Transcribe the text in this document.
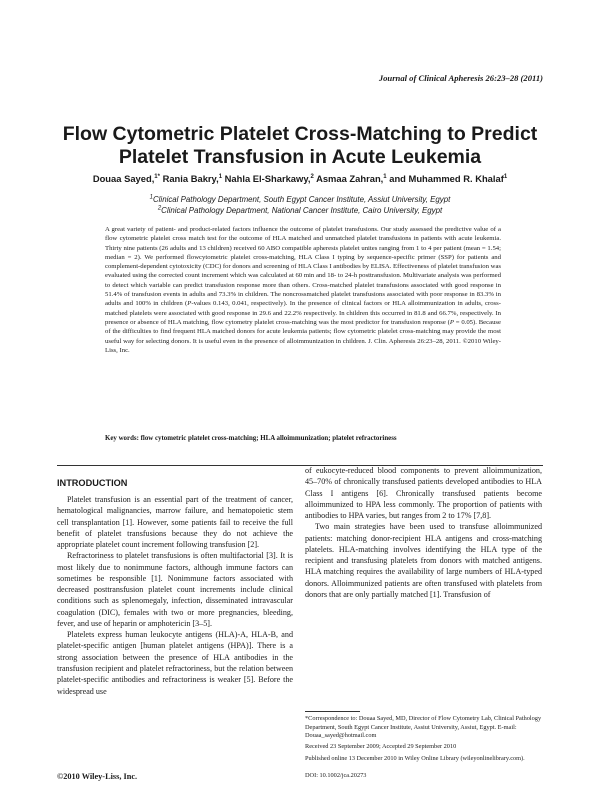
Journal of Clinical Apheresis 26:23–28 (2011)
Flow Cytometric Platelet Cross-Matching to Predict
Platelet Transfusion in Acute Leukemia
Douaa Sayed,$^{1*}$ Rania Bakry,$^1$ Nahla El-Sharkawy,$^2$ Asmaa Zahran,$^1$ and Muhammed R. Khalaf$^1$
$^1$Clinical Pathology Department, South Egypt Cancer Institute, Assiut University, Egypt
$^2$Clinical Pathology Department, National Cancer Institute, Cairo University, Egypt

A great variety of patient- and product-related factors influence the outcome of platelet transfusions. Our study assessed the predictive value of a flow cytometric platelet cross match test for the outcome of HLA matched and unmatched platelet transfusions in patients with acute leukemia. Thirty nine patients (26 adults and 13 children) received 60 ABO compatible apheresis platelet unites ranging from 1 to 4 per patient (mean = 1.54; median = 2). We performed flowcytometric platelet cross-matching, HLA Class I typing by sequence-specific primer (SSP) for patients and complement-dependent cytotoxicity (CDC) for donors and screening of HLA Class I antibodies by ELISA. Effectiveness of platelet transfusion was evaluated using the corrected count increment which was calculated at 60 min and 18- to 24-h posttransfusion. Multivariate analysis was performed to detect which variable can predict transfusion response more than others. Cross-matched platelet transfusions associated with good response in 51.4% of transfusion events in adults and 73.3% in children. The noncrossmatched platelet transfusions associated with poor response in 83.3% in adults and 100% in children (P-values 0.143, 0.041, respectively). In the presence of clinical factors or HLA alloimmunization in adults, cross-matched platelets were associated with good response in 29.6 and 22.2% respectively. In children this occurred in 81.8 and 66.7%, respectively. In presence or absence of HLA matching, flow cytometry platelet cross-matching was the most predictor for transfusion response (P = 0.05). Because of the difficulties to find frequent HLA matched donors for acute leukemia patients; flow cytometric platelet cross-matching may provide the most useful way for selecting donors. It is useful even in the presence of alloimmunization in children. J. Clin. Apheresis 26:23–28, 2011. ©2010 Wiley-Liss, Inc.

Key words: flow cytometric platelet cross-matching; HLA alloimmunization; platelet refractoriness
INTRODUCTION

Platelet transfusion is an essential part of the treatment of cancer, hematological malignancies, marrow failure, and hematopoietic stem cell transplantation [1]. However, some patients fail to receive the full benefit of platelet transfusions because they do not achieve the appropriate platelet count increment following transfusion [2].

Refractoriness to platelet transfusions is often multifactorial [3]. It is most likely due to nonimmune factors, although immune factors can sometimes be responsible [1]. Nonimmune factors associated with decreased posttransfusion platelet count increments include clinical conditions such as splenomegaly, infection, disseminated intravascular coagulation (DIC), females with two or more pregnancies, bleeding, fever, and use of heparin or amphotericin [3–5].

Platelets express human leukocyte antigens (HLA)-A, HLA-B, and platelet-specific antigen [human platelet antigens (HPA)]. There is a strong association between the presence of HLA antibodies in the transfusion recipient and platelet refractoriness, but the relation between platelet-specific antibodies and refractoriness is weaker [5]. Before the widespread use

of eukocyte-reduced blood components to prevent alloimmunization, 45–70% of chronically transfused patients developed antibodies to HLA Class I antigens [6]. Chronically transfused patients become alloimmunized to HPA less commonly. The proportion of patients with antibodies to HPA varies, but ranges from 2 to 17% [7,8].

Two main strategies have been used to transfuse alloimmunized patients: matching donor-recipient HLA antigens and cross-matching platelets. HLA-matching involves identifying the HLA type of the recipient and transfusing platelets from donors with matched antigens. HLA matching requires the availability of large numbers of HLA-typed donors. Alloimmunized patients are often transfused with platelets from donors that are only partially matched [1]. Transfusion of

*Correspondence to: Douaa Sayed, MD, Director of Flow Cytometry Lab, Clinical Pathology Department, South Egypt Cancer Institute, Assiut University, Assiut, Egypt. E-mail: Douaa_sayed@hotmail.com

Received 23 September 2009; Accepted 29 September 2010

Published online 13 December 2010 in Wiley Online Library (wileyonlinelibrary.com).

DOI: 10.1002/jca.20273

©2010 Wiley-Liss, Inc.
